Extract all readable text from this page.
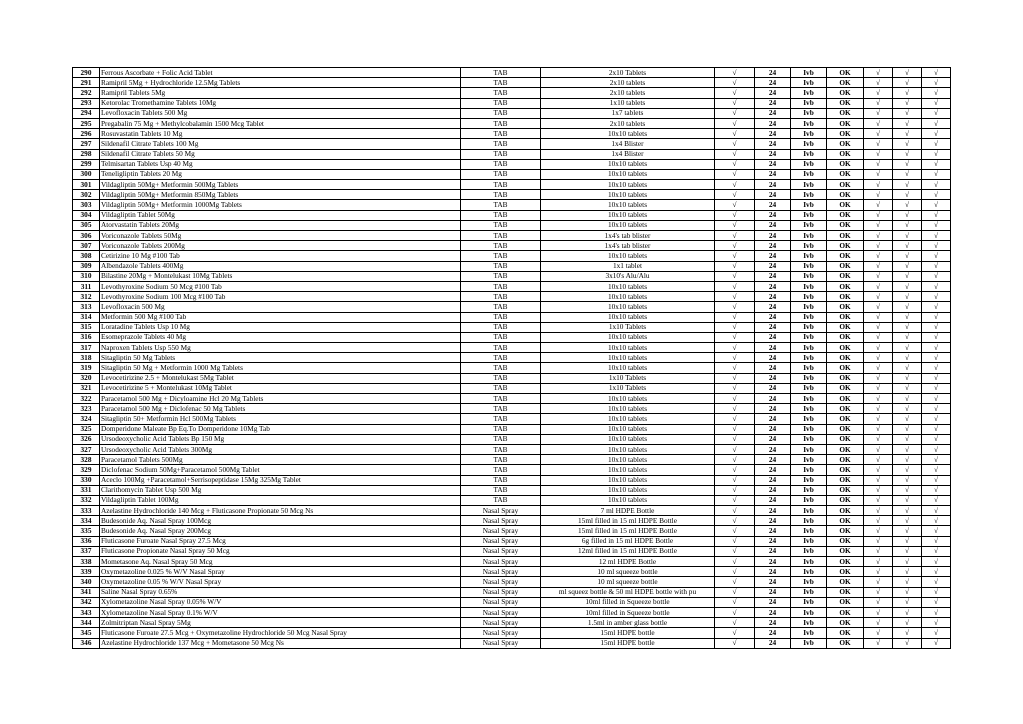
290	Ferrous Ascorbate + Folic Acid Tablet	TAB	2x10 Tablets	√	24	Ivb	OK	√	√	√
291	Ramipril 5Mg + Hydrochloride 12.5Mg Tablets	TAB	2x10 tablets	√	24	Ivb	OK	√	√	√
292	Ramipril Tablets 5Mg	TAB	2x10 tablets	√	24	Ivb	OK	√	√	√
293	Ketorolac Tromethamine Tablets 10Mg	TAB	1x10 tablets	√	24	Ivb	OK	√	√	√
294	Levofloxacin Tablets 500 Mg	TAB	1x7 tablets	√	24	Ivb	OK	√	√	√
295	Pregabalin 75 Mg + Methylcobalamin 1500 Mcg Tablet	TAB	2x10 tablets	√	24	Ivb	OK	√	√	√
296	Rosuvastatin Tablets 10 Mg	TAB	10x10 tablets	√	24	Ivb	OK	√	√	√
297	Sildenafil Citrate Tablets 100 Mg	TAB	1x4 Blister	√	24	Ivb	OK	√	√	√
298	Sildenafil Citrate Tablets 50 Mg	TAB	1x4 Blister	√	24	Ivb	OK	√	√	√
299	Telmisartan Tablets Usp 40 Mg	TAB	10x10 tablets	√	24	Ivb	OK	√	√	√
300	Teneligliptin Tablets 20 Mg	TAB	10x10 tablets	√	24	Ivb	OK	√	√	√
301	Vildagliptin 50Mg+ Metformin 500Mg Tablets	TAB	10x10 tablets	√	24	Ivb	OK	√	√	√
302	Vildagliptin 50Mg+ Metformin 850Mg Tablets	TAB	10x10 tablets	√	24	Ivb	OK	√	√	√
303	Vildagliptin 50Mg+ Metformin 1000Mg Tablets	TAB	10x10 tablets	√	24	Ivb	OK	√	√	√
304	Vildagliptin Tablet 50Mg	TAB	10x10 tablets	√	24	Ivb	OK	√	√	√
305	Atorvastatin Tablets 20Mg	TAB	10x10 tablets	√	24	Ivb	OK	√	√	√
306	Voriconazole Tablets 50Mg	TAB	1x4's tab blister	√	24	Ivb	OK	√	√	√
307	Voriconazole Tablets 200Mg	TAB	1x4's tab blister	√	24	Ivb	OK	√	√	√
308	Cetirizine 10 Mg #100 Tab	TAB	10x10 tablets	√	24	Ivb	OK	√	√	√
309	Albendazole Tablets 400Mg	TAB	1x1 tablet	√	24	Ivb	OK	√	√	√
310	Bilastine 20Mg + Montelukast 10Mg Tablets	TAB	3x10's Alu/Alu	√	24	Ivb	OK	√	√	√
311	Levothyroxine Sodium 50 Mcg #100 Tab	TAB	10x10 tablets	√	24	Ivb	OK	√	√	√
312	Levothyroxine Sodium 100 Mcg #100 Tab	TAB	10x10 tablets	√	24	Ivb	OK	√	√	√
313	Levofloxacin 500 Mg	TAB	10x10 tablets	√	24	Ivb	OK	√	√	√
314	Metformin 500 Mg #100 Tab	TAB	10x10 tablets	√	24	Ivb	OK	√	√	√
315	Loratadine Tablets Usp 10 Mg	TAB	1x10 Tablets	√	24	Ivb	OK	√	√	√
316	Esomeprazole Tablets 40 Mg	TAB	10x10 tablets	√	24	Ivb	OK	√	√	√
317	Naproxen Tablets Usp 550 Mg	TAB	10x10 tablets	√	24	Ivb	OK	√	√	√
318	Sitagliptin 50 Mg Tablets	TAB	10x10 tablets	√	24	Ivb	OK	√	√	√
319	Sitagliptin 50 Mg + Metformin 1000 Mg Tablets	TAB	10x10 tablets	√	24	Ivb	OK	√	√	√
320	Levocetirizine 2.5 + Montelukast 5Mg Tablet	TAB	1x10 Tablets	√	24	Ivb	OK	√	√	√
321	Levocetirizine 5 + Montelukast 10Mg Tablet	TAB	1x10 Tablets	√	24	Ivb	OK	√	√	√
322	Paracetamol 500 Mg + Dicyloamine Hcl 20 Mg Tablets	TAB	10x10 tablets	√	24	Ivb	OK	√	√	√
323	Paracetamol 500 Mg + Diclofenac 50 Mg Tablets	TAB	10x10 tablets	√	24	Ivb	OK	√	√	√
324	Sitagliptin 50+ Metformin Hcl 500Mg Tablets	TAB	10x10 tablets	√	24	Ivb	OK	√	√	√
325	Domperidone Maleate Bp Eq.To Domperidone 10Mg Tab	TAB	10x10 tablets	√	24	Ivb	OK	√	√	√
326	Ursodeoxycholic Acid Tablets Bp 150 Mg	TAB	10x10 tablets	√	24	Ivb	OK	√	√	√
327	Ursodeoxycholic Acid Tablets 300Mg	TAB	10x10 tablets	√	24	Ivb	OK	√	√	√
328	Paracetamol Tablets 500Mg	TAB	10x10 tablets	√	24	Ivb	OK	√	√	√
329	Diclofenac Sodium 50Mg+Paracetamol 500Mg Tablet	TAB	10x10 tablets	√	24	Ivb	OK	√	√	√
330	Aceclo 100Mg +Paracetamol+Serrisopeptidase 15Mg 325Mg Tablet	TAB	10x10 tablets	√	24	Ivb	OK	√	√	√
331	Clarithomycin Tablet Usp 500 Mg	TAB	10x10 tablets	√	24	Ivb	OK	√	√	√
332	Vildagliptin Tablet 100Mg	TAB	10x10 tablets	√	24	Ivb	OK	√	√	√
333	Azelastine Hydrochloride 140 Mcg + Fluticasone Propionate 50 Mcg Ns	Nasal Spray	7 ml HDPE Bottle	√	24	Ivb	OK	√	√	√
334	Budesonide Aq. Nasal Spray 100Mcg	Nasal Spray	15ml filled in 15 ml HDPE Bottle	√	24	Ivb	OK	√	√	√
335	Budesonide Aq. Nasal Spray 200Mcg	Nasal Spray	15ml filled in 15 ml HDPE Bottle	√	24	Ivb	OK	√	√	√
336	Fluticasone Furoate Nasal Spray 27.5 Mcg	Nasal Spray	6g filled in 15 ml HDPE Bottle	√	24	Ivb	OK	√	√	√
337	Fluticasone Propionate Nasal Spray 50 Mcg	Nasal Spray	12ml filled in 15 ml HDPE Bottle	√	24	Ivb	OK	√	√	√
338	Mometasone Aq. Nasal Spray 50 Mcg	Nasal Spray	12 ml HDPE Bottle	√	24	Ivb	OK	√	√	√
339	Oxymetazoline 0.025 % W/V Nasal Spray	Nasal Spray	10 ml squeeze bottle	√	24	Ivb	OK	√	√	√
340	Oxymetazoline 0.05 % W/V Nasal Spray	Nasal Spray	10 ml squeeze bottle	√	24	Ivb	OK	√	√	√
341	Saline Nasal Spray 0.65%	Nasal Spray	ml squeez bottle & 50 ml HDPE bottle with pu	√	24	Ivb	OK	√	√	√
342	Xylometazoline Nasal Spray 0.05% W/V	Nasal Spray	10ml filled in Squeeze bottle	√	24	Ivb	OK	√	√	√
343	Xylometazoline Nasal Spray 0.1% W/V	Nasal Spray	10ml filled in Squeeze bottle	√	24	Ivb	OK	√	√	√
344	Zolmitriptan Nasal Spray 5Mg	Nasal Spray	1.5ml in amber glass bottle	√	24	Ivb	OK	√	√	√
345	Fluticasone Furoate 27.5 Mcg + Oxymetazoline Hydrochloride 50 Mcg Nasal Spray	Nasal Spray	15ml HDPE bottle	√	24	Ivb	OK	√	√	√
346	Azelastine Hydrochloride 137 Mcg + Mometasone 50 Mcg Ns	Nasal Spray	15ml HDPE bottle	√	24	Ivb	OK	√	√	√
